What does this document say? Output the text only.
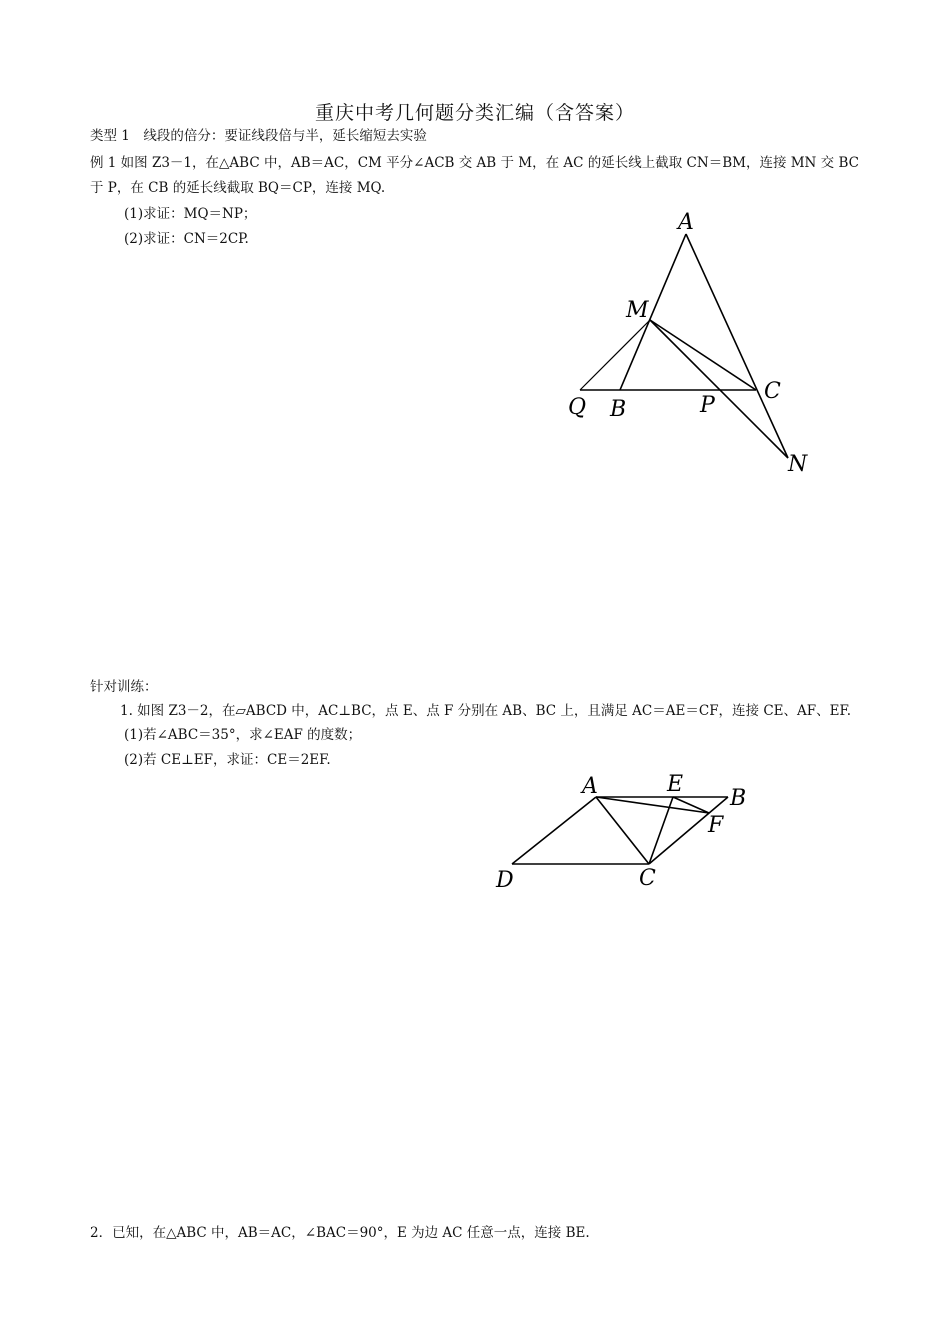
重庆中考几何题分类汇编（含答案）
类型 1　线段的倍分：要证线段倍与半，延长缩短去实验
例 1 如图 Z3－1，在△ABC 中，AB＝AC，CM 平分∠ACB 交 AB 于 M，在 AC 的延长线上截取 CN＝BM，连接 MN 交 BC
于 P，在 CB 的延长线截取 BQ＝CP，连接 MQ.
(1)求证：MQ＝NP；
(2)求证：CN＝2CP.
A
M
C
Q B	P
N
针对训练：
1. 如图 Z3－2，在▱ABCD 中，AC⊥BC，点 E、点 F 分别在 AB、BC 上，且满足 AC＝AE＝CF，连接 CE、AF、EF.
(1)若∠ABC＝35°，求∠EAF 的度数；
(2)若 CE⊥EF，求证：CE＝2EF.
A	E
B
F
D	C
2．已知，在△ABC 中，AB＝AC，∠BAC＝90°，E 为边 AC 任意一点，连接 BE.
